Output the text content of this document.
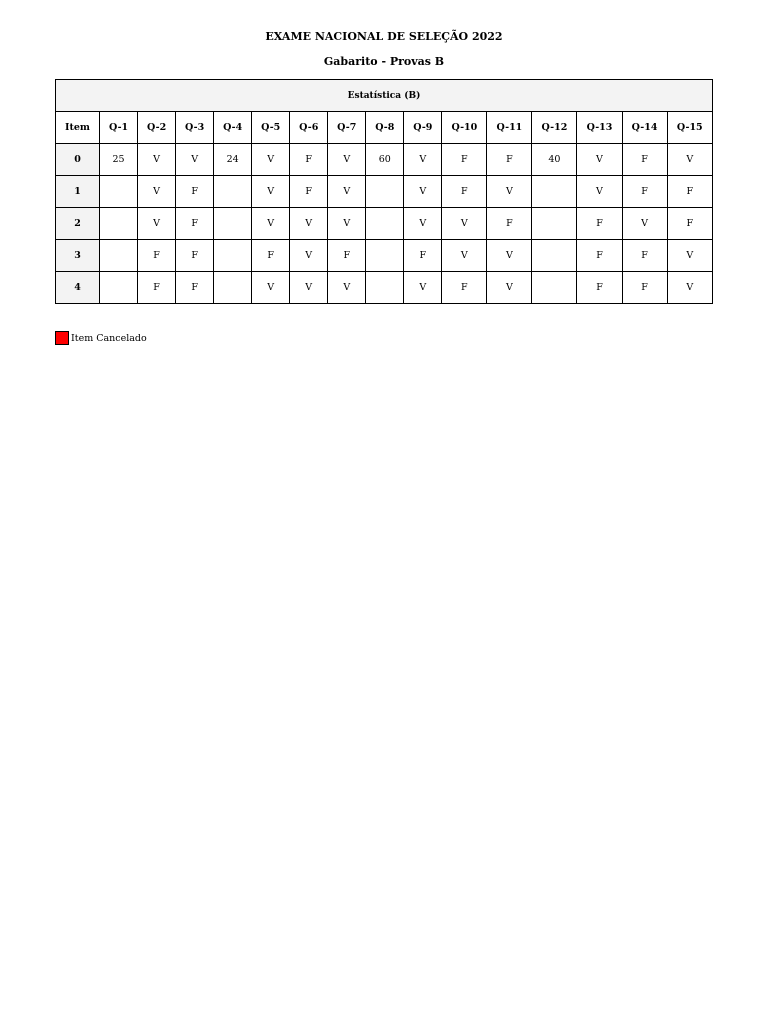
EXAME NACIONAL DE SELEÇÃO 2022
Gabarito - Provas B
Estatística (B)															
Item	Q-1	Q-2	Q-3	Q-4	Q-5	Q-6	Q-7	Q-8	Q-9	Q-10	Q-11	Q-12	Q-13	Q-14	Q-15
0	25	V	V	24	V	F	V	60	V	F	F	40	V	F	V
1		V	F		V	F	V		V	F	V		V	F	F
2		V	F		V	V	V		V	V	F		F	V	F
3		F	F		F	V	F		F	V	V		F	F	V
4		F	F		V	V	V		V	F	V		F	F	V
Item Cancelado
